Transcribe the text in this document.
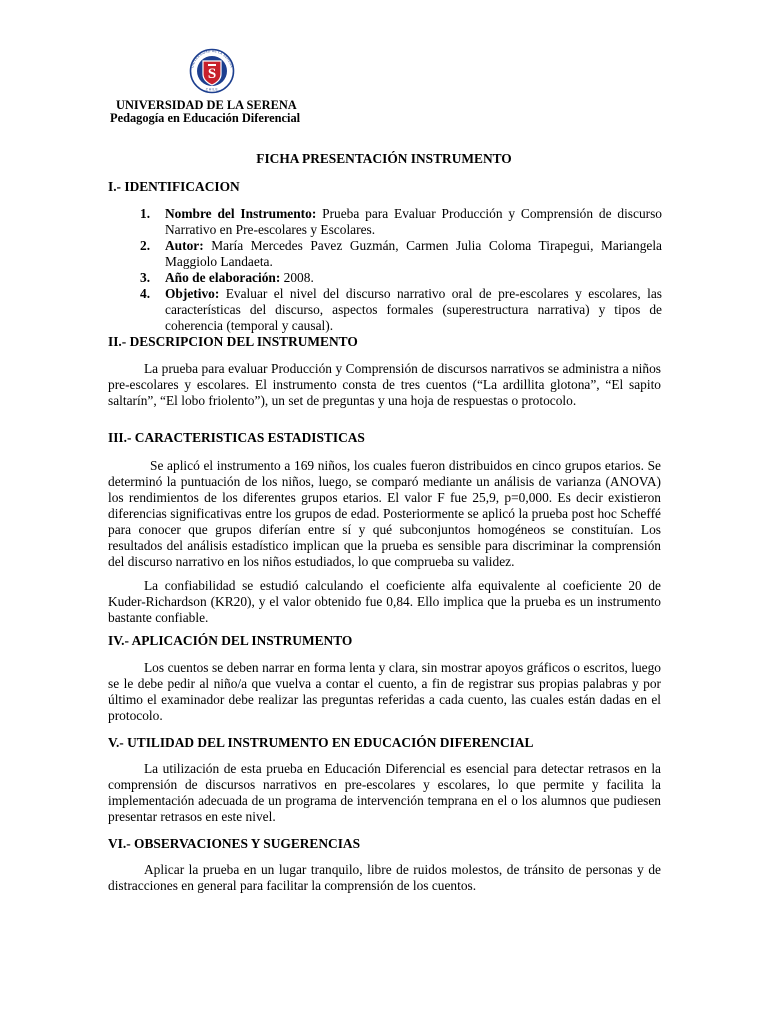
S
UNIVERSIDAD DE LA SERENA
CHILE
UNIVERSIDAD DE LA SERENA
Pedagogía en Educación Diferencial
FICHA PRESENTACIÓN INSTRUMENTO
I.- IDENTIFICACION
1. Nombre del Instrumento: Prueba para Evaluar Producción y Comprensión de discurso Narrativo en Pre-escolares y Escolares.
2. Autor: María Mercedes Pavez Guzmán, Carmen Julia Coloma Tirapegui, Mariangela Maggiolo Landaeta.
3. Año de elaboración: 2008.
4. Objetivo: Evaluar el nivel del discurso narrativo oral de pre-escolares y escolares, las características del discurso, aspectos formales (superestructura narrativa) y tipos de coherencia (temporal y causal).
II.- DESCRIPCION DEL INSTRUMENTO
La prueba para evaluar Producción y Comprensión de discursos narrativos se administra a niños pre-escolares y escolares. El instrumento consta de tres cuentos (“La ardillita glotona”, “El sapito saltarín”, “El lobo friolento”), un set de preguntas y una hoja de respuestas o protocolo.
III.- CARACTERISTICAS ESTADISTICAS
Se aplicó el instrumento a 169 niños, los cuales fueron distribuidos en cinco grupos etarios. Se determinó la puntuación de los niños, luego, se comparó mediante un análisis de varianza (ANOVA) los rendimientos de los diferentes grupos etarios. El valor F fue 25,9, p=0,000. Es decir existieron diferencias significativas entre los grupos de edad. Posteriormente se aplicó la prueba post hoc Scheffé para conocer que grupos diferían entre sí y qué subconjuntos homogéneos se constituían. Los resultados del análisis estadístico implican que la prueba es sensible para discriminar la comprensión del discurso narrativo en los niños estudiados, lo que comprueba su validez.
La confiabilidad se estudió calculando el coeficiente alfa equivalente al coeficiente 20 de Kuder-Richardson (KR20), y el valor obtenido fue 0,84. Ello implica que la prueba es un instrumento bastante confiable.
IV.- APLICACIÓN DEL INSTRUMENTO
Los cuentos se deben narrar en forma lenta y clara, sin mostrar apoyos gráficos o escritos, luego se le debe pedir al niño/a que vuelva a contar el cuento, a fin de registrar sus propias palabras y por último el examinador debe realizar las preguntas referidas a cada cuento, las cuales están dadas en el protocolo.
V.- UTILIDAD DEL INSTRUMENTO EN EDUCACIÓN DIFERENCIAL
La utilización de esta prueba en Educación Diferencial es esencial para detectar retrasos en la comprensión de discursos narrativos en pre-escolares y escolares, lo que permite y facilita la implementación adecuada de un programa de intervención temprana en el o los alumnos que pudiesen presentar retrasos en este nivel.
VI.- OBSERVACIONES Y SUGERENCIAS
Aplicar la prueba en un lugar tranquilo, libre de ruidos molestos, de tránsito de personas y de distracciones en general para facilitar la comprensión de los cuentos.
